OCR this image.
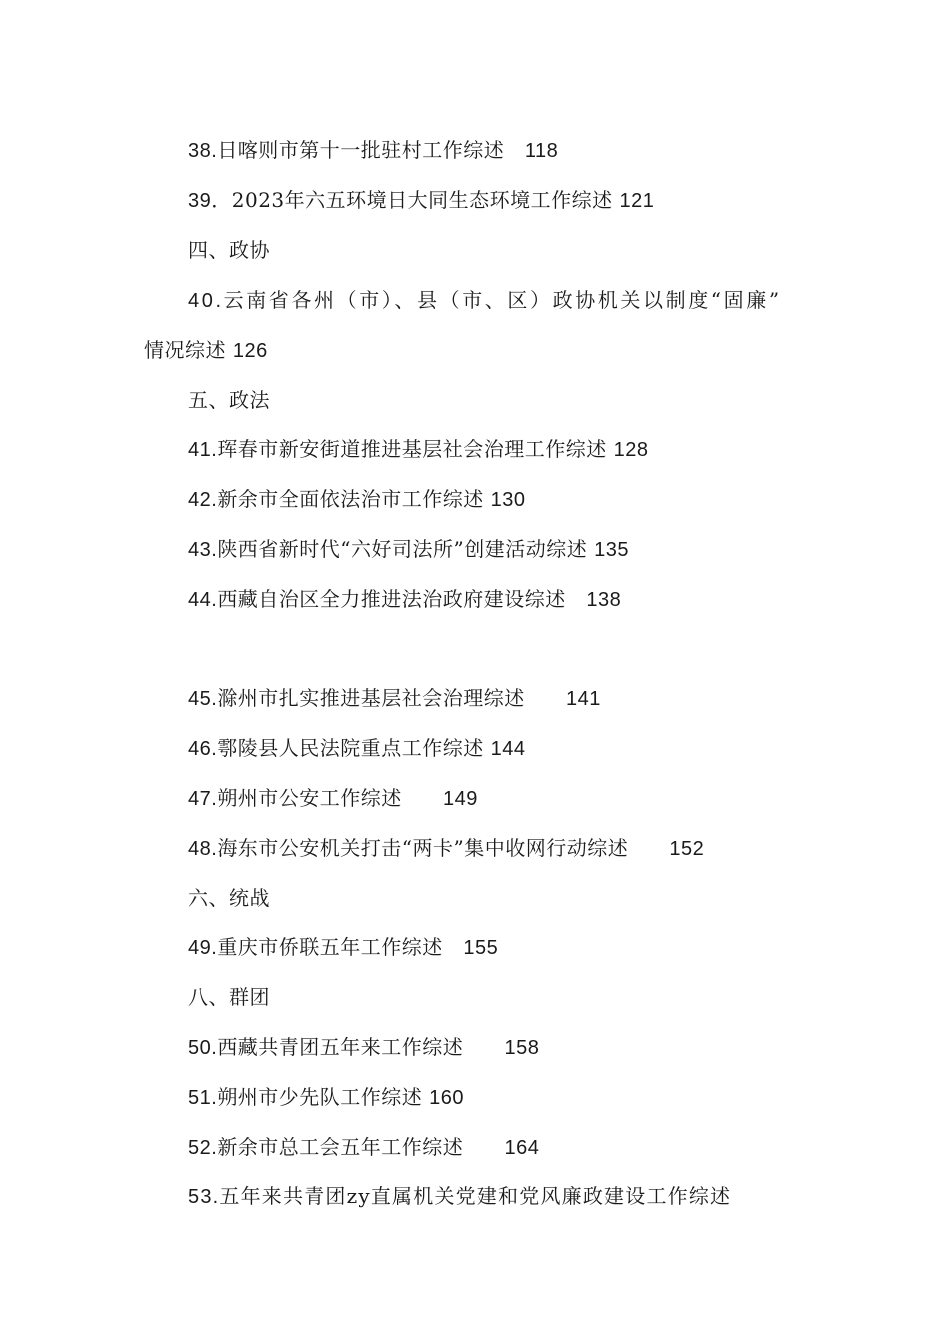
38.日喀则市第十一批驻村工作综述 118
39．2023年六五环境日大同生态环境工作综述 121
四、政协
40.云南省各州（市）、县（市、区）政协机关以制度“固廉”
情况综述 126
五、政法
41.珲春市新安街道推进基层社会治理工作综述 128
42.新余市全面依法治市工作综述 130
43.陕西省新时代“六好司法所”创建活动综述 135
44.西藏自治区全力推进法治政府建设综述 138
45.滁州市扎实推进基层社会治理综述 141
46.鄠陵县人民法院重点工作综述 144
47.朔州市公安工作综述 149
48.海东市公安机关打击“两卡”集中收网行动综述 152
六、统战
49.重庆市侨联五年工作综述 155
八、群团
50.西藏共青团五年来工作综述 158
51.朔州市少先队工作综述 160
52.新余市总工会五年工作综述 164
53.五年来共青团zy直属机关党建和党风廉政建设工作综述
